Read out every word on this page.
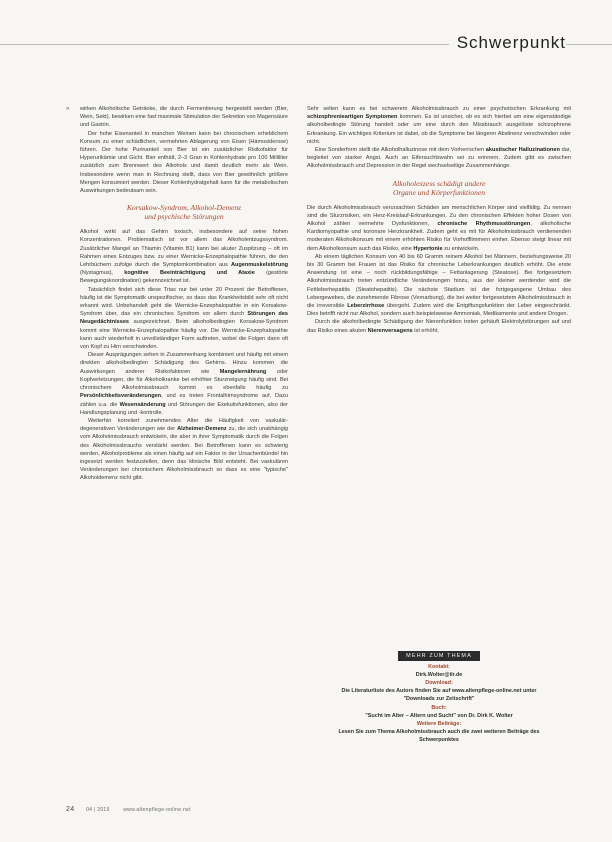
Schwerpunkt
» wirken Alkoholische Getränke, die durch Fermentierung hergestellt werden (Bier, Wein, Sekt), bewirken eine fast maximale Stimulation der Sekretion von Magensäure und Gastrin.

Der hohe Eisenanteil in manchen Weinen kann bei chronischem erheblichem Konsum zu einer schädlichen, vermehrten Ablagerung von Eisen (Hämosiderose) führen. Der hohe Purinanteil von Bier ist ein zusätzlicher Risikofaktor für Hyperurikämie und Gicht. Bier enthält, 2–3 Gran in Kohlenhydrate pro 100 Milliliter zusätzlich zum Brennwert des Alkohols und damit deutlich mehr als Wein. Insbesondere wenn man in Rechnung stellt, dass von Bier gewöhnlich größere Mengen konsumiert werden. Dieser Kohlenhydratgehalt kann für die metabolischen Auswirkungen bedeutsam sein.

Korsakow-Syndrom, Alkohol-Demenz
und psychische Störungen

Alkohol wirkt auf das Gehirn toxisch, insbesondere auf seine hohen Konzentrationen. Problematisch ist vor allem das Alkoholentzugssyndrom. Zusätzlicher Mangel an Thiamin (Vitamin B1) kann bei akuter Zuspitzung – oft im Rahmen eines Entzuges bzw. zu einer Wernicke-Enzephalopathie führen, die den Lehrbüchern zufolge durch die Symptomkombination aus Augenmuskelstörung (Nystagmus), kognitive Beeinträchtigung und Ataxie (gestörte Bewegungskoordination) gekennzeichnet ist.

Tatsächlich findet sich diese Trias nur bei unter 20 Prozent der Betroffenen, häufig ist die Symptomatik unspezifischer, so dass das Krankheitsbild sehr oft nicht erkannt wird. Unbehandelt geht die Wernicke-Enzephalopathie in ein Korsakow-Syndrom über, das ein chronisches Syndrom vor allem durch Störungen des Neugedächtnisses ausgezeichnet. Beim alkoholbedingten Korsakow-Syndrom kommt eine Wernicke-Enzephalopathie häufig vor. Die Wernicke-Enzephalopathie kann auch wiederholt in unvollständiger Form auftreten, wobei die Folgen dann oft von Kopf zu Hirn verschwinden.

Dieser Ausprägungen sehen in Zusammenhang kombiniert und häufig mit einem direkten alkoholbedingten Schädigung des Gehirns. Hinzu kommen die Auswirkungen anderer Risikofaktoren wie Mangelernährung oder Kopfverletzungen, die für Alkoholkranke bei erhöhter Sturzneigung häufig sind. Bei chronischem Alkoholmissbrauch kommt es ebenfalls häufig zu Persönlichkeitsveränderungen, und es treten Frontalhirnsyndrome auf. Dazu zählen u.a. die Wesensänderung und Störungen der Exekutivfunktionen, also der Handlungsplanung und -kontrolle.

Weiterhin korreliert zunehmendes Alter die Häufigkeit von vaskulär-degenerativen Veränderungen wie der Alzheimer-Demenz zu, die sich unabhängig vom Alkoholmissbrauch entwickeln, die aber in ihrer Symptomatik durch die Folgen des Alkoholmissbrauchs verstärkt werden. Bei Betroffenen kann es schwierig werden, Alkoholprobleme als einen häufig auf ein Faktor in der Ursachenbündel hin ingesetzt werden festzustellen, denn das klinische Bild entsteht. Bei vaskulären Veränderungen bei chronischem Alkoholmissbrauch so dass es eine "typische" Alkoholdemenz nicht gibt.

Sehr selten kann es bei schwerem Alkoholmissbrauch zu einer psychotischen Erkrankung mit schizophrenieartigen Symptomen kommen. Es ist unsicher, ob es sich hierbei um eine eigenständige alkoholbedingte Störung handelt oder um eine durch den Missbrauch ausgelöste schizophrene Erkrankung. Ein wichtiges Kriterium ist dabei, ob die Symptome bei längerer Abstinenz verschwinden oder nicht.

Eine Sonderform stellt die Alkoholhalluzinose mit dem Vorherrschen akustischer Halluzinationen dar, begleitet von starker Angst. Auch an Eifersuchtswahn sei zu erinnern. Zudem gibt es zwischen Alkoholmissbrauch und Depression in der Regel wechselseitige Zusammenhänge.

Alkoholexzess schädigt andere
Organe und Körperfunktionen

Die durch Alkoholmissbrauch verursachten Schäden am menschlichen Körper sind vielfältig. Zu nennen sind die Sturzrisiken, ein Herz-Kreislauf-Erkrankungen. Zu den chronischen Effekten hoher Dosen von Alkohol zählen vermehrte Dysfunktionen, chronische Rhythmusstörungen, alkoholische Kardiomyopathie und koronare Herzkrankheit. Zudem geht es mit für Alkoholmissbrauch verdienenden moderaten Alkoholkonsum mit einem erhöhten Risiko für Vorhofflimmern einher. Ebenso steigt linear mit dem Alkoholkonsum auch das Risiko, eine Hypertonie zu entwickeln.

Ab einem täglichen Konsum von 40 bis 60 Gramm reinem Alkohol bei Männern, beziehungsweise 20 bis 30 Gramm bei Frauen ist das Risiko für chronische Leberkrankungen deutlich erhöht. Die erste Anwendung ist eine – noch rückbildungsfähige – Fettanlagerung (Steatose). Bei fortgesetztem Alkoholmissbrauch treten entzündliche Veränderungen hinzu, aus der kleiner werdender wird die Fettleberhepatitis (Steatohepatitis). Die nächste Stadium ist der fortgegangene Umbau des Lebergewebes, die zunehmende Fibrose (Vernarbung), die bei weiter fortgesetztem Alkoholmissbrauch in die irreversible Leberzirrhose übergeht. Zudem wird die Entgiftungsfunktion der Leber eingeschränkt. Dies betrifft nicht nur Alkohol, sondern auch beispielsweise Ammoniak, Medikamente und andere Drogen.

Durch die alkoholbedingte Schädigung der Nierenfunktion treten gehäuft Elektrolytstörungen auf und das Risiko eines akuten Nierenversagens ist erhöht.

MEHR ZUM THEMA
Kontakt:
Dirk.Wolter@ilr.de
Download:
Die Literaturliste des Autors finden Sie auf www.altenpflege-online.net unter "Downloads zur Zeitschrift"
Buch:
"Sucht im Alter – Altern und Sucht" von Dr. Dirk K. Wolter
Weitere Beiträge:
Lesen Sie zum Thema Alkoholmissbrauch auch die zwei weiteren Beiträge des Schwerpunktes
24 04 | 2019	www.altenpflege-online.net
